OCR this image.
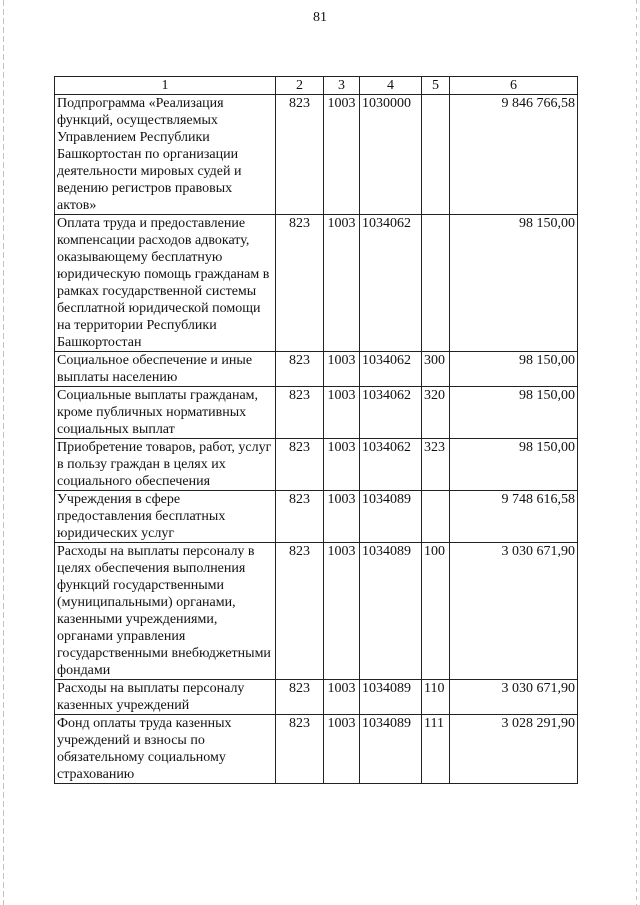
81
1	2	3	4	5	6
Подпрограмма «Реализация функций, осуществляемых Управлением Республики Башкортостан по организации деятельности мировых судей и ведению регистров правовых актов»	823	1003	1030000		9 846 766,58
Оплата труда и предоставление компенсации расходов адвокату, оказывающему бесплатную юридическую помощь гражданам в рамках государственной системы бесплатной юридической помощи на территории Республики Башкортостан	823	1003	1034062		98 150,00
Социальное обеспечение и иные выплаты населению	823	1003	1034062	300	98 150,00
Социальные выплаты гражданам, кроме публичных нормативных социальных выплат	823	1003	1034062	320	98 150,00
Приобретение товаров, работ, услуг в пользу граждан в целях их социального обеспечения	823	1003	1034062	323	98 150,00
Учреждения в сфере предоставления бесплатных юридических услуг	823	1003	1034089		9 748 616,58
Расходы на выплаты персоналу в целях обеспечения выполнения функций государственными (муниципальными) органами, казенными учреждениями, органами управления государственными внебюджетными фондами	823	1003	1034089	100	3 030 671,90
Расходы на выплаты персоналу казенных учреждений	823	1003	1034089	110	3 030 671,90
Фонд оплаты труда казенных учреждений и взносы по обязательному социальному страхованию	823	1003	1034089	111	3 028 291,90
